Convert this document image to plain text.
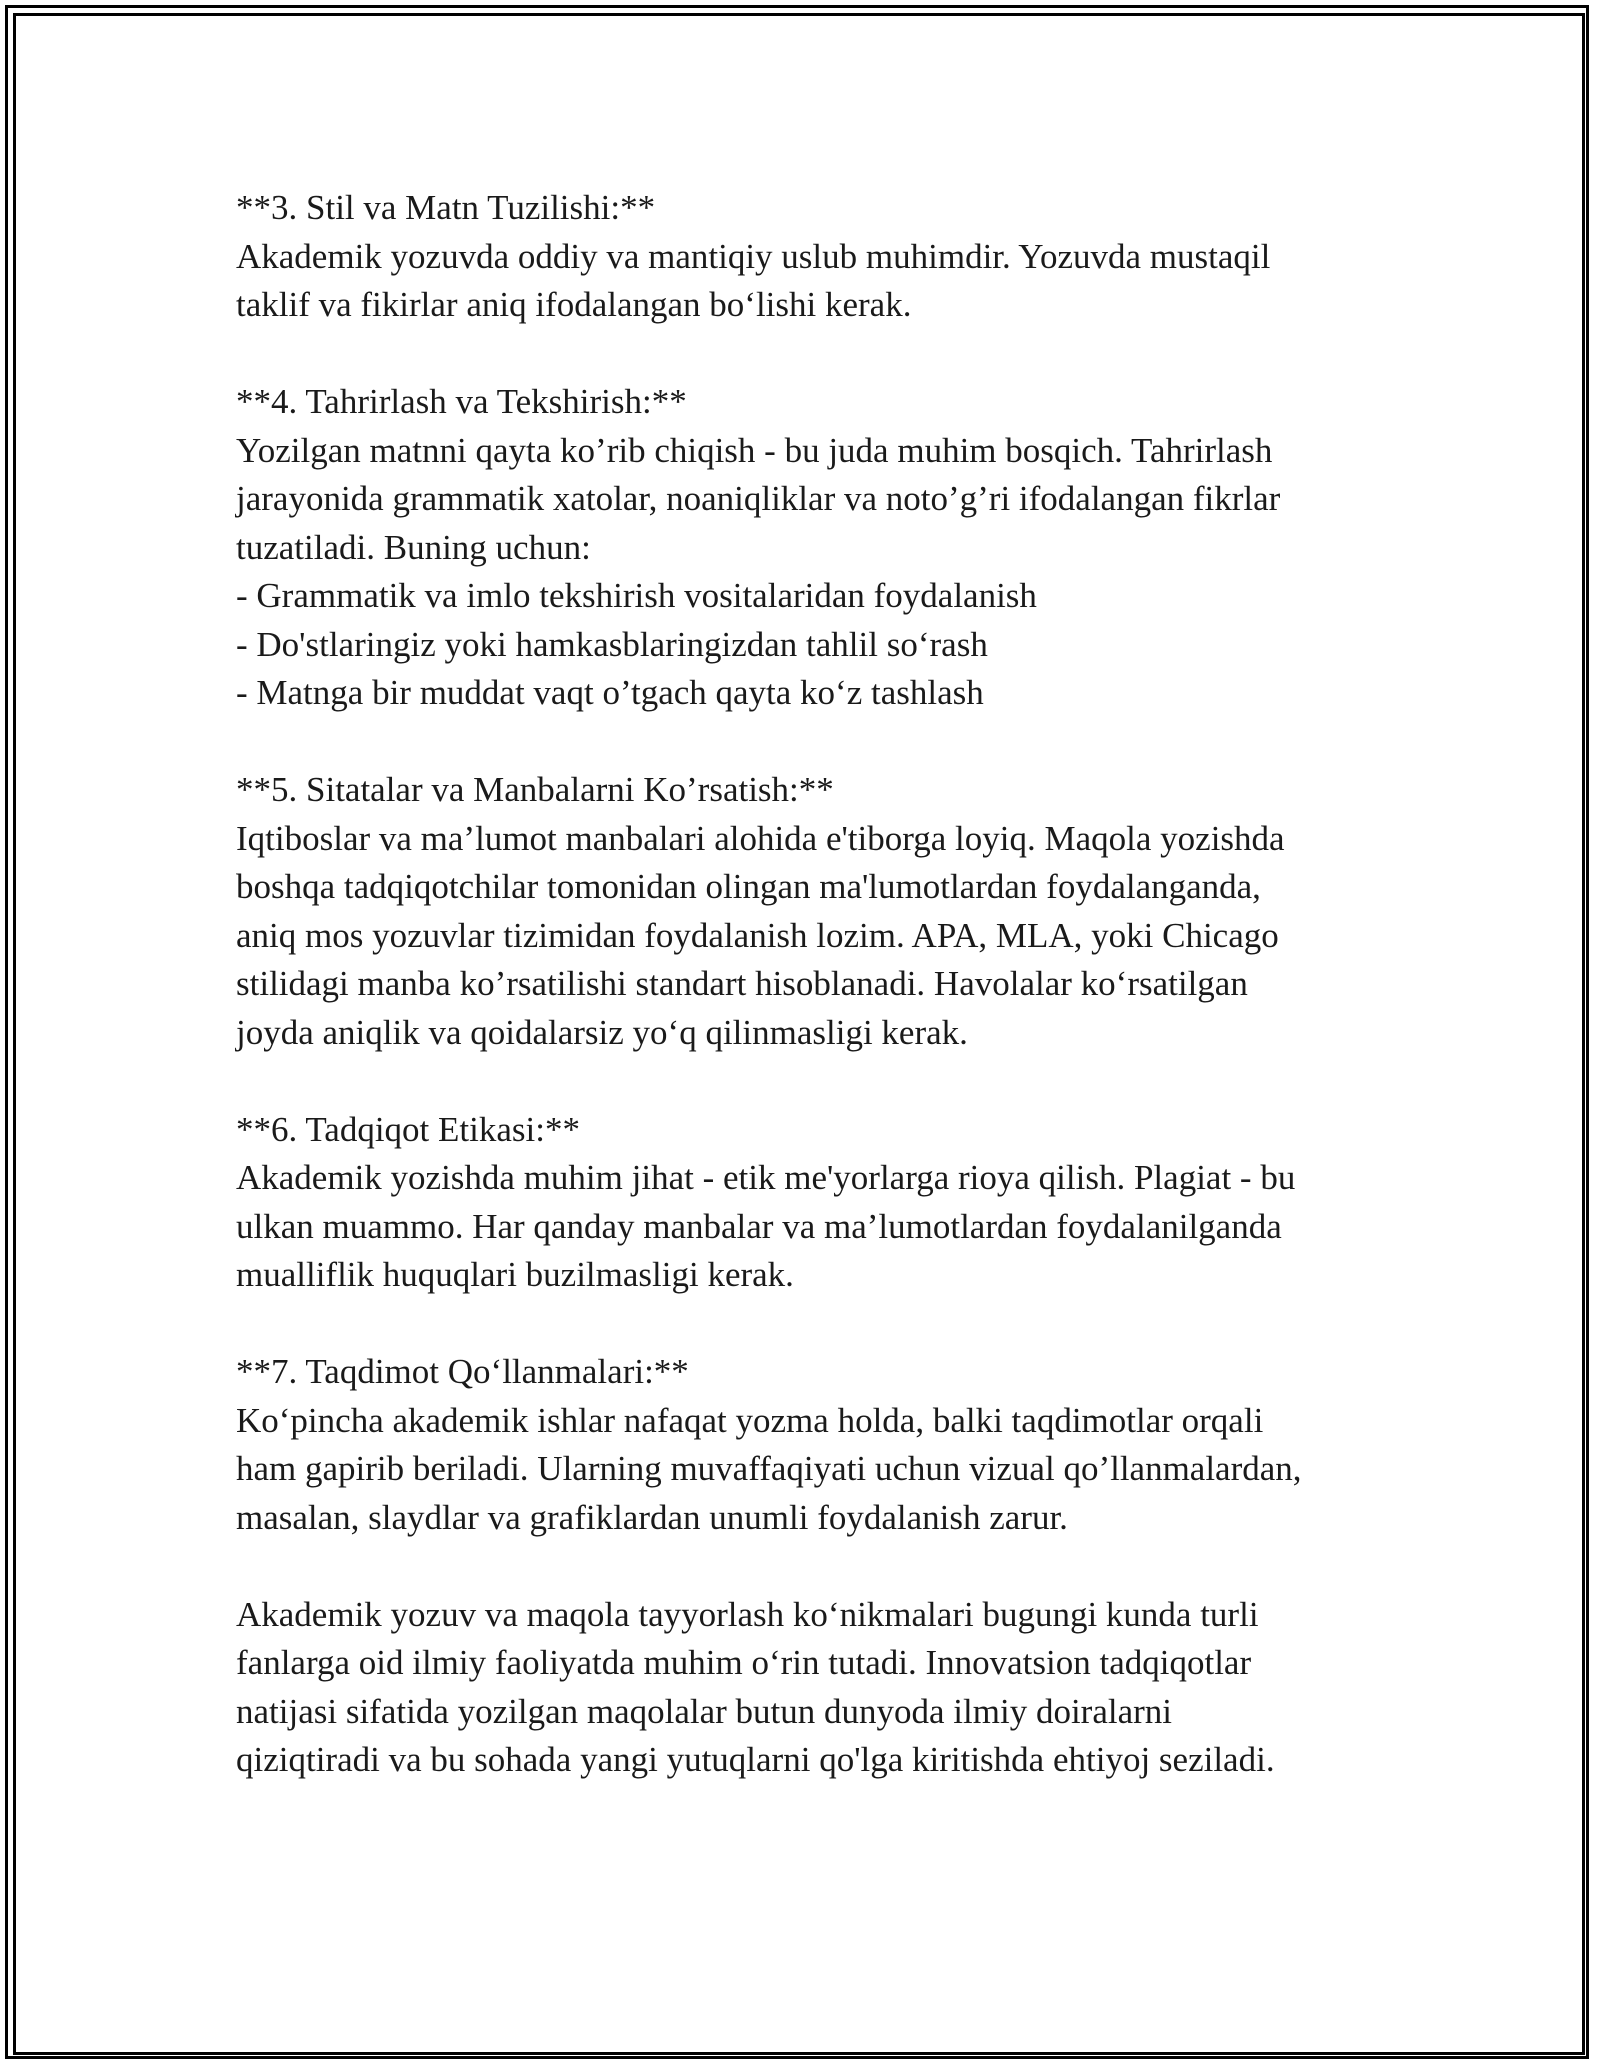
**3. Stil va Matn Tuzilishi:**
Akademik yozuvda oddiy va mantiqiy uslub muhimdir. Yozuvda mustaqil
taklif va fikirlar aniq ifodalangan bo‘lishi kerak.
**4. Tahrirlash va Tekshirish:**
Yozilgan matnni qayta ko’rib chiqish - bu juda muhim bosqich. Tahrirlash
jarayonida grammatik xatolar, noaniqliklar va noto’g’ri ifodalangan fikrlar
tuzatiladi. Buning uchun:
- Grammatik va imlo tekshirish vositalaridan foydalanish
- Do'stlaringiz yoki hamkasblaringizdan tahlil so‘rash
- Matnga bir muddat vaqt o’tgach qayta ko‘z tashlash
**5. Sitatalar va Manbalarni Ko’rsatish:**
Iqtiboslar va ma’lumot manbalari alohida e'tiborga loyiq. Maqola yozishda
boshqa tadqiqotchilar tomonidan olingan ma'lumotlardan foydalanganda,
aniq mos yozuvlar tizimidan foydalanish lozim. APA, MLA, yoki Chicago
stilidagi manba ko’rsatilishi standart hisoblanadi. Havolalar ko‘rsatilgan
joyda aniqlik va qoidalarsiz yo‘q qilinmasligi kerak.
**6. Tadqiqot Etikasi:**
Akademik yozishda muhim jihat - etik me'yorlarga rioya qilish. Plagiat - bu
ulkan muammo. Har qanday manbalar va ma’lumotlardan foydalanilganda
mualliflik huquqlari buzilmasligi kerak.
**7. Taqdimot Qo‘llanmalari:**
Ko‘pincha akademik ishlar nafaqat yozma holda, balki taqdimotlar orqali
ham gapirib beriladi. Ularning muvaffaqiyati uchun vizual qo’llanmalardan,
masalan, slaydlar va grafiklardan unumli foydalanish zarur.
Akademik yozuv va maqola tayyorlash ko‘nikmalari bugungi kunda turli
fanlarga oid ilmiy faoliyatda muhim o‘rin tutadi. Innovatsion tadqiqotlar
natijasi sifatida yozilgan maqolalar butun dunyoda ilmiy doiralarni
qiziqtiradi va bu sohada yangi yutuqlarni qo'lga kiritishda ehtiyoj seziladi.
